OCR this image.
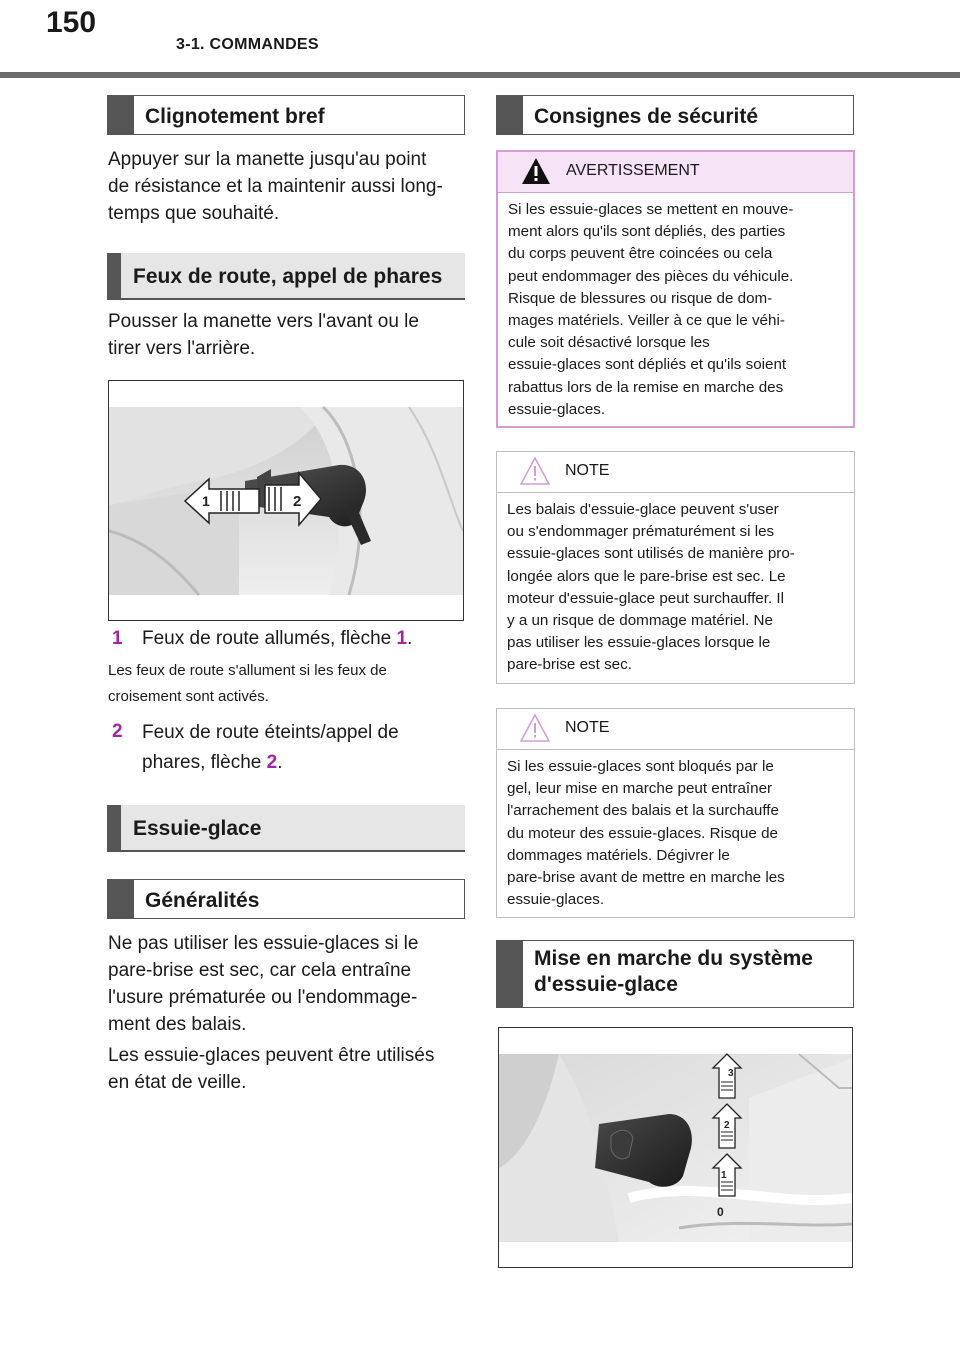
150
3-1. COMMANDES
Clignotement bref
Appuyer sur la manette jusqu'au point
de résistance et la maintenir aussi long-
temps que souhaité.
Feux de route, appel de phares
Pousser la manette vers l'avant ou le
tirer vers l'arrière.
1	2
1 Feux de route allumés, flèche 1.
Les feux de route s'allument si les feux de
croisement sont activés.
2 Feux de route éteints/appel de
phares, flèche 2.
Essuie-glace
Généralités
Ne pas utiliser les essuie-glaces si le
pare-brise est sec, car cela entraîne
l'usure prématurée ou l'endommage-
ment des balais.
Les essuie-glaces peuvent être utilisés
en état de veille.
Consignes de sécurité
AVERTISSEMENT
Si les essuie-glaces se mettent en mouve-
ment alors qu'ils sont dépliés, des parties
du corps peuvent être coincées ou cela
peut endommager des pièces du véhicule.
Risque de blessures ou risque de dom-
mages matériels. Veiller à ce que le véhi-
cule soit désactivé lorsque les
essuie-glaces sont dépliés et qu'ils soient
rabattus lors de la remise en marche des
essuie-glaces.
NOTE
Les balais d'essuie-glace peuvent s'user
ou s'endommager prématurément si les
essuie-glaces sont utilisés de manière pro-
longée alors que le pare-brise est sec. Le
moteur d'essuie-glace peut surchauffer. Il
y a un risque de dommage matériel. Ne
pas utiliser les essuie-glaces lorsque le
pare-brise est sec.
NOTE
Si les essuie-glaces sont bloqués par le
gel, leur mise en marche peut entraîner
l'arrachement des balais et la surchauffe
du moteur des essuie-glaces. Risque de
dommages matériels. Dégivrer le
pare-brise avant de mettre en marche les
essuie-glaces.
Mise en marche du système
d'essuie-glace
3
2
1
0
